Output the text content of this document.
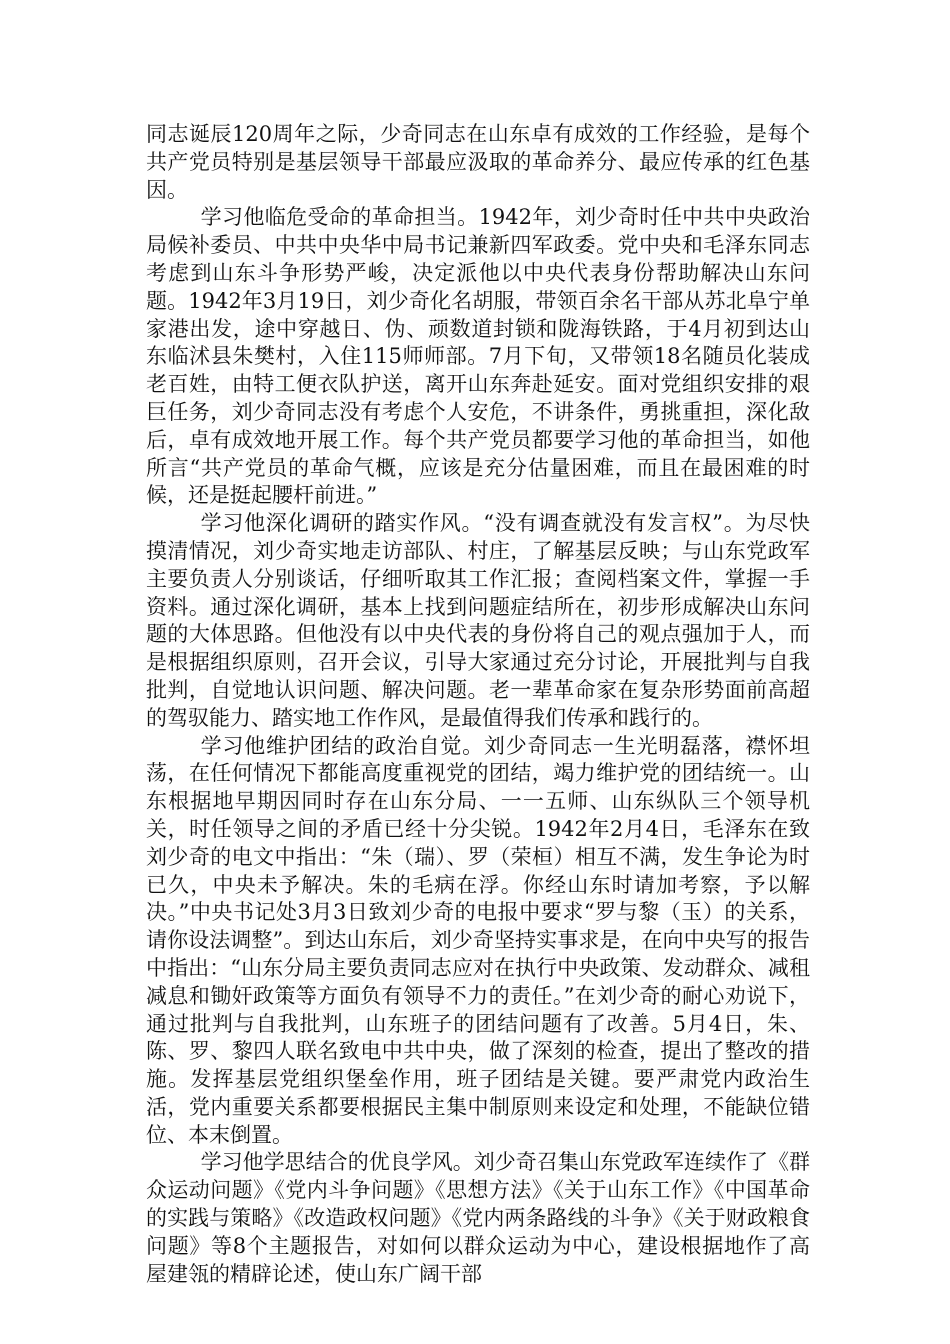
同志诞辰120周年之际，少奇同志在山东卓有成效的工作经验，是每个共产党员特别是基层领导干部最应汲取的革命养分、最应传承的红色基因。

学习他临危受命的革命担当。1942年，刘少奇时任中共中央政治局候补委员、中共中央华中局书记兼新四军政委。党中央和毛泽东同志考虑到山东斗争形势严峻，决定派他以中央代表身份帮助解决山东问题。1942年3月19日，刘少奇化名胡服，带领百余名干部从苏北阜宁单家港出发，途中穿越日、伪、顽数道封锁和陇海铁路，于4月初到达山东临沭县朱樊村，入住115师师部。7月下旬，又带领18名随员化装成老百姓，由特工便衣队护送，离开山东奔赴延安。面对党组织安排的艰巨任务，刘少奇同志没有考虑个人安危，不讲条件，勇挑重担，深化敌后，卓有成效地开展工作。每个共产党员都要学习他的革命担当，如他所言“共产党员的革命气概，应该是充分估量困难，而且在最困难的时候，还是挺起腰杆前进。”

学习他深化调研的踏实作风。“没有调查就没有发言权”。为尽快摸清情况，刘少奇实地走访部队、村庄，了解基层反映；与山东党政军主要负责人分别谈话，仔细听取其工作汇报；查阅档案文件，掌握一手资料。通过深化调研，基本上找到问题症结所在，初步形成解决山东问题的大体思路。但他没有以中央代表的身份将自己的观点强加于人，而是根据组织原则，召开会议，引导大家通过充分讨论，开展批判与自我批判，自觉地认识问题、解决问题。老一辈革命家在复杂形势面前高超的驾驭能力、踏实地工作作风，是最值得我们传承和践行的。

学习他维护团结的政治自觉。刘少奇同志一生光明磊落，襟怀坦荡，在任何情况下都能高度重视党的团结，竭力维护党的团结统一。山东根据地早期因同时存在山东分局、一一五师、山东纵队三个领导机关，时任领导之间的矛盾已经十分尖锐。1942年2月4日，毛泽东在致刘少奇的电文中指出：“朱（瑞）、罗（荣桓）相互不满，发生争论为时已久，中央未予解决。朱的毛病在浮。你经山东时请加考察，予以解决。”中央书记处3月3日致刘少奇的电报中要求“罗与黎（玉）的关系，请你设法调整”。到达山东后，刘少奇坚持实事求是，在向中央写的报告中指出：“山东分局主要负责同志应对在执行中央政策、发动群众、减租减息和锄奸政策等方面负有领导不力的责任。”在刘少奇的耐心劝说下，通过批判与自我批判，山东班子的团结问题有了改善。5月4日，朱、陈、罗、黎四人联名致电中共中央，做了深刻的检查，提出了整改的措施。发挥基层党组织堡垒作用，班子团结是关键。要严肃党内政治生活，党内重要关系都要根据民主集中制原则来设定和处理，不能缺位错位、本末倒置。

学习他学思结合的优良学风。刘少奇召集山东党政军连续作了《群众运动问题》《党内斗争问题》《思想方法》《关于山东工作》《中国革命的实践与策略》《改造政权问题》《党内两条路线的斗争》《关于财政粮食问题》等8个主题报告，对如何以群众运动为中心，建设根据地作了高屋建瓴的精辟论述，使山东广阔干部
